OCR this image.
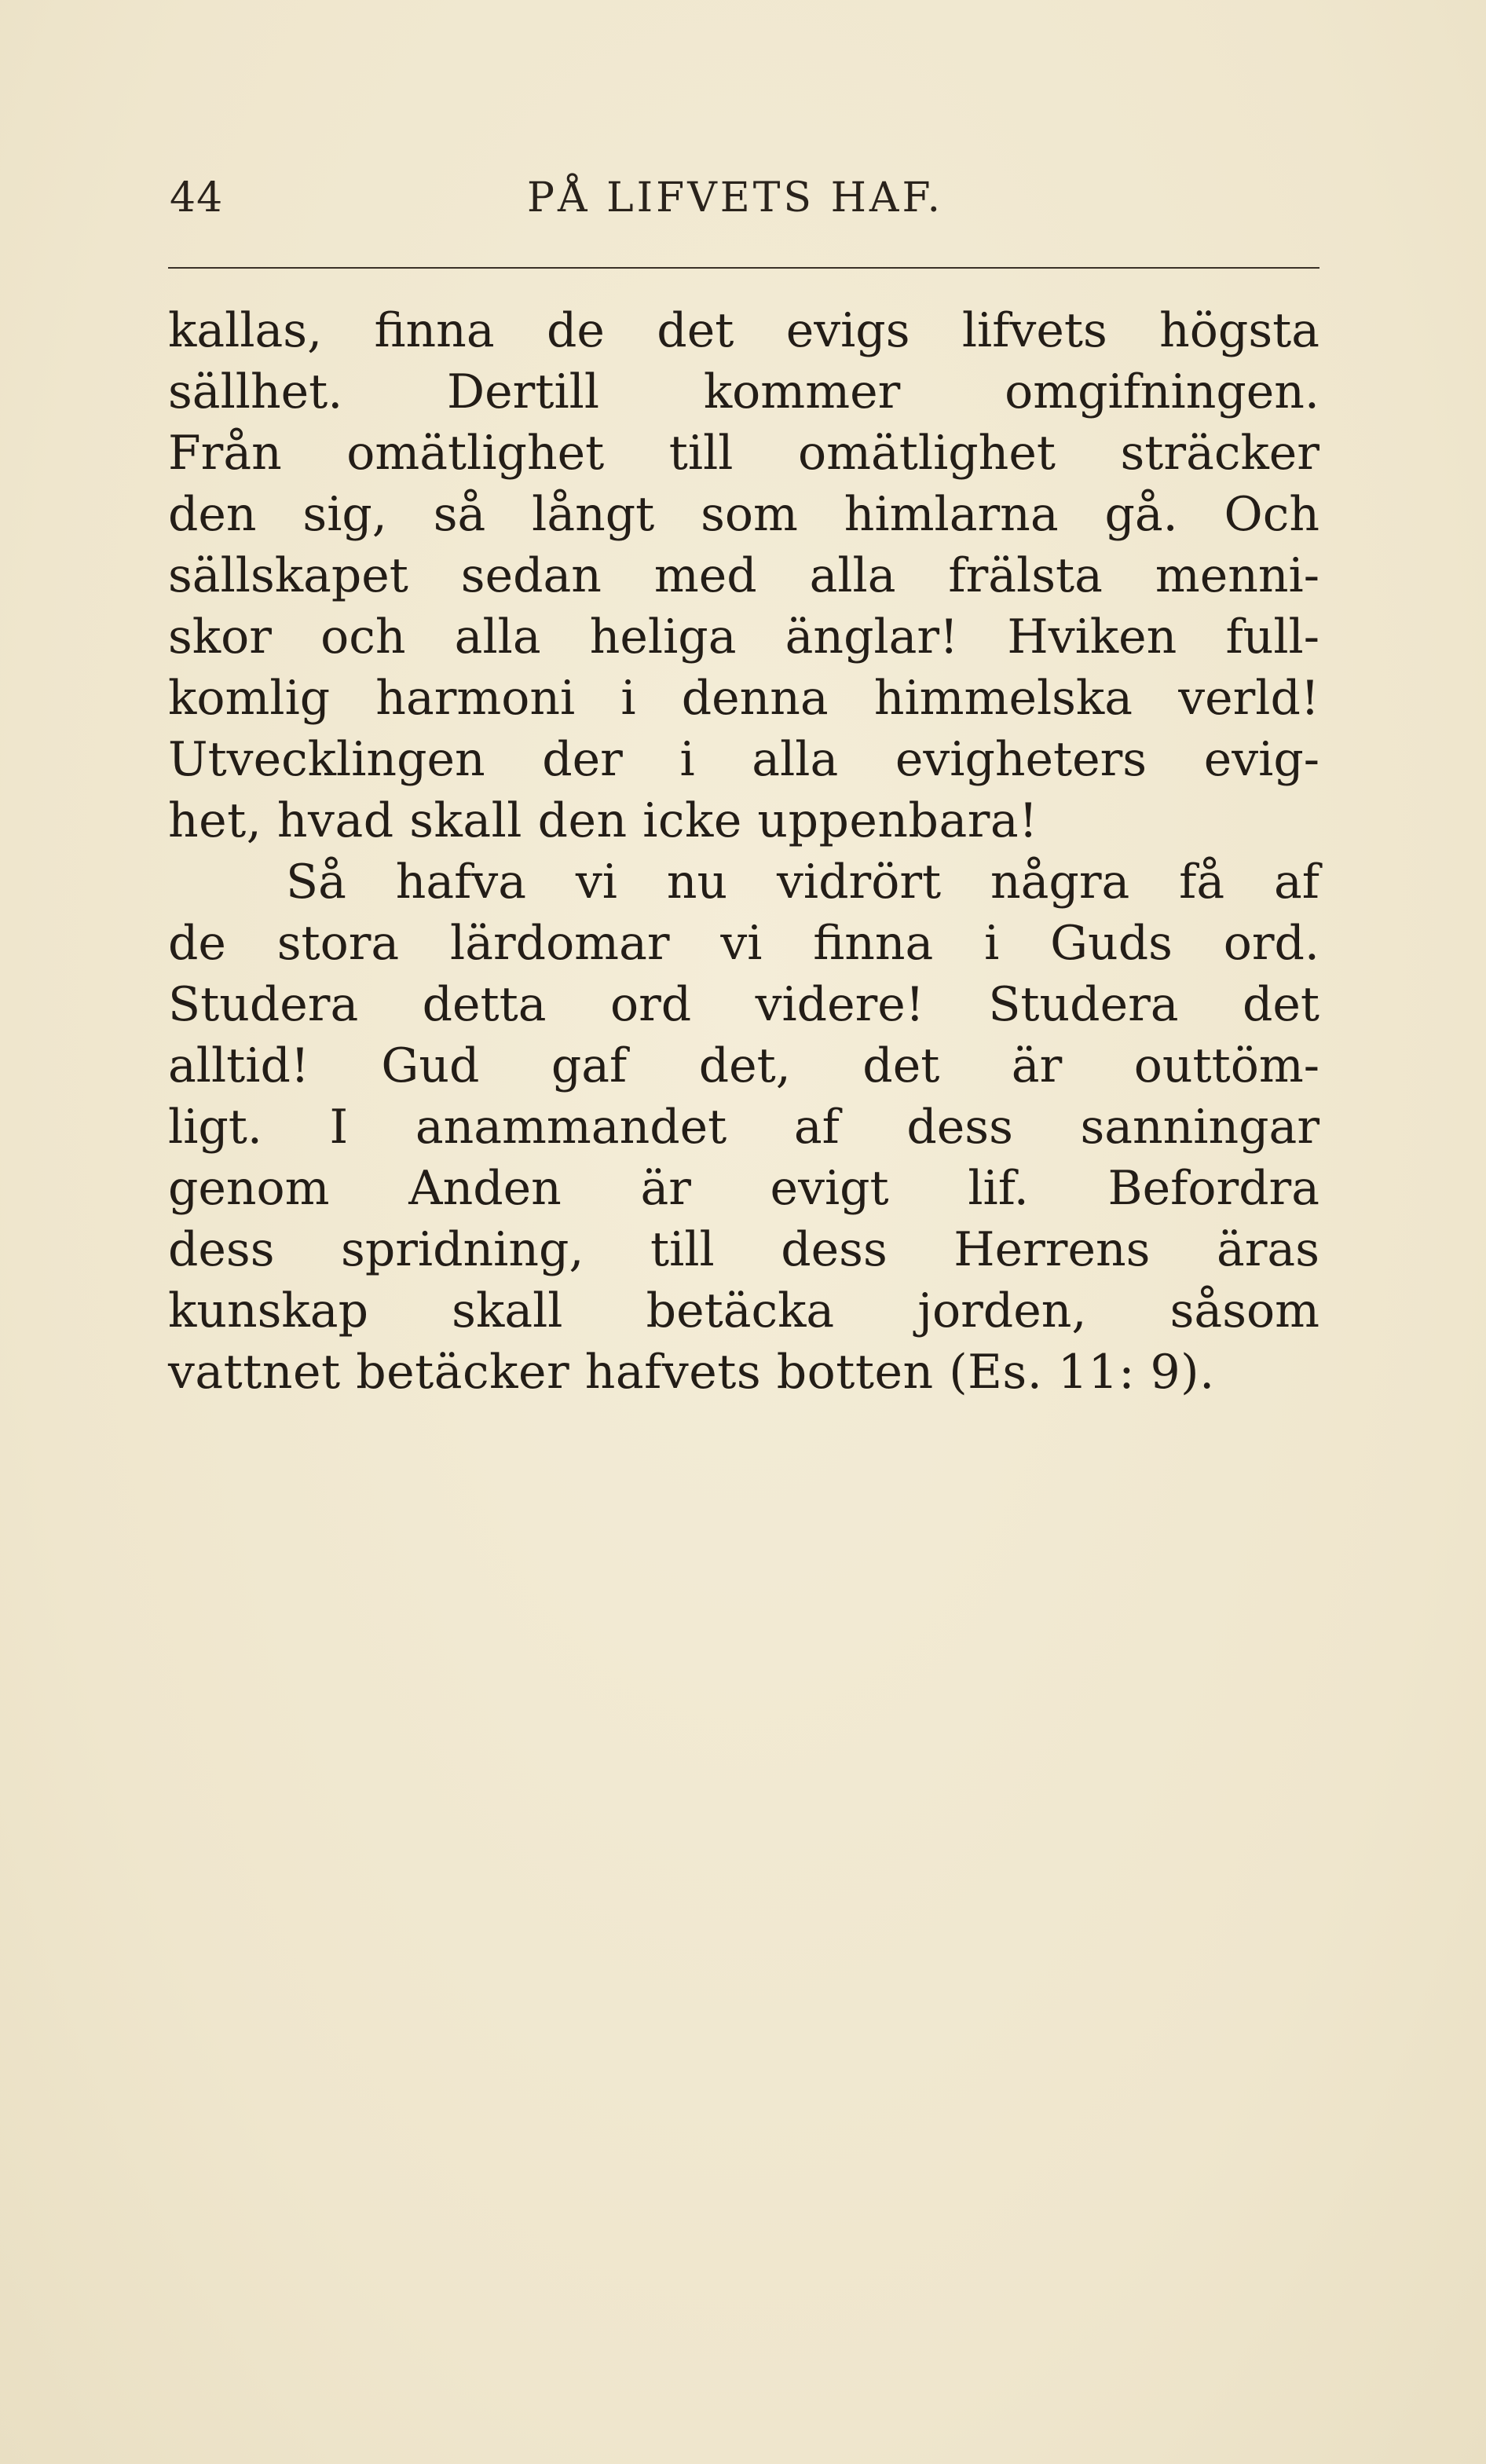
44	PÅ LIFVETS HAF.
kallas, finna de det evigs lifvets högsta
sällhet. Dertill kommer omgifningen.
Från omätlighet till omätlighet sträcker
den sig, så långt som himlarna gå. Och
sällskapet sedan med alla frälsta menni-
skor och alla heliga änglar! Hviken full-
komlig harmoni i denna himmelska verld!
Utvecklingen der i alla evigheters evig-
het, hvad skall den icke uppenbara!
Så hafva vi nu vidrört några få af
de stora lärdomar vi finna i Guds ord.
Studera detta ord videre! Studera det
alltid! Gud gaf det, det är outtöm-
ligt. I anammandet af dess sanningar
genom Anden är evigt lif. Befordra
dess spridning, till dess Herrens äras
kunskap skall betäcka jorden, såsom
vattnet betäcker hafvets botten (Es. 11: 9).
